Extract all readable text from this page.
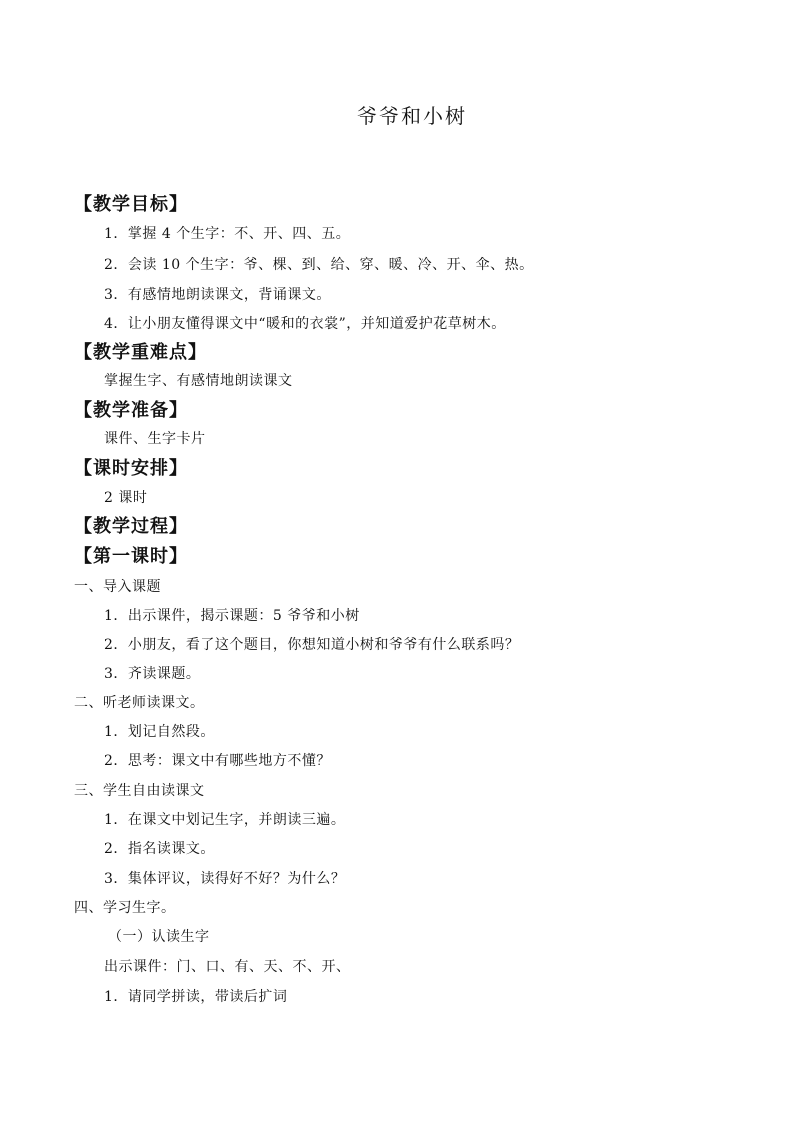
爷爷和小树
【教学目标】
1．掌握 4 个生字：不、开、四、五。
2．会读 10 个生字：爷、棵、到、给、穿、暖、冷、开、伞、热。
3．有感情地朗读课文，背诵课文。
4．让小朋友懂得课文中“暖和的衣裳”，并知道爱护花草树木。
【教学重难点】
掌握生字、有感情地朗读课文
【教学准备】
课件、生字卡片
【课时安排】
2 课时
【教学过程】
【第一课时】
一、导入课题
1．出示课件，揭示课题：5 爷爷和小树
2．小朋友，看了这个题目，你想知道小树和爷爷有什么联系吗？
3．齐读课题。
二、听老师读课文。
1．划记自然段。
2．思考：课文中有哪些地方不懂？
三、学生自由读课文
1．在课文中划记生字，并朗读三遍。
2．指名读课文。
3．集体评议，读得好不好？为什么？
四、学习生字。
（一）认读生字
出示课件：门、口、有、天、不、开、
1．请同学拼读，带读后扩词
